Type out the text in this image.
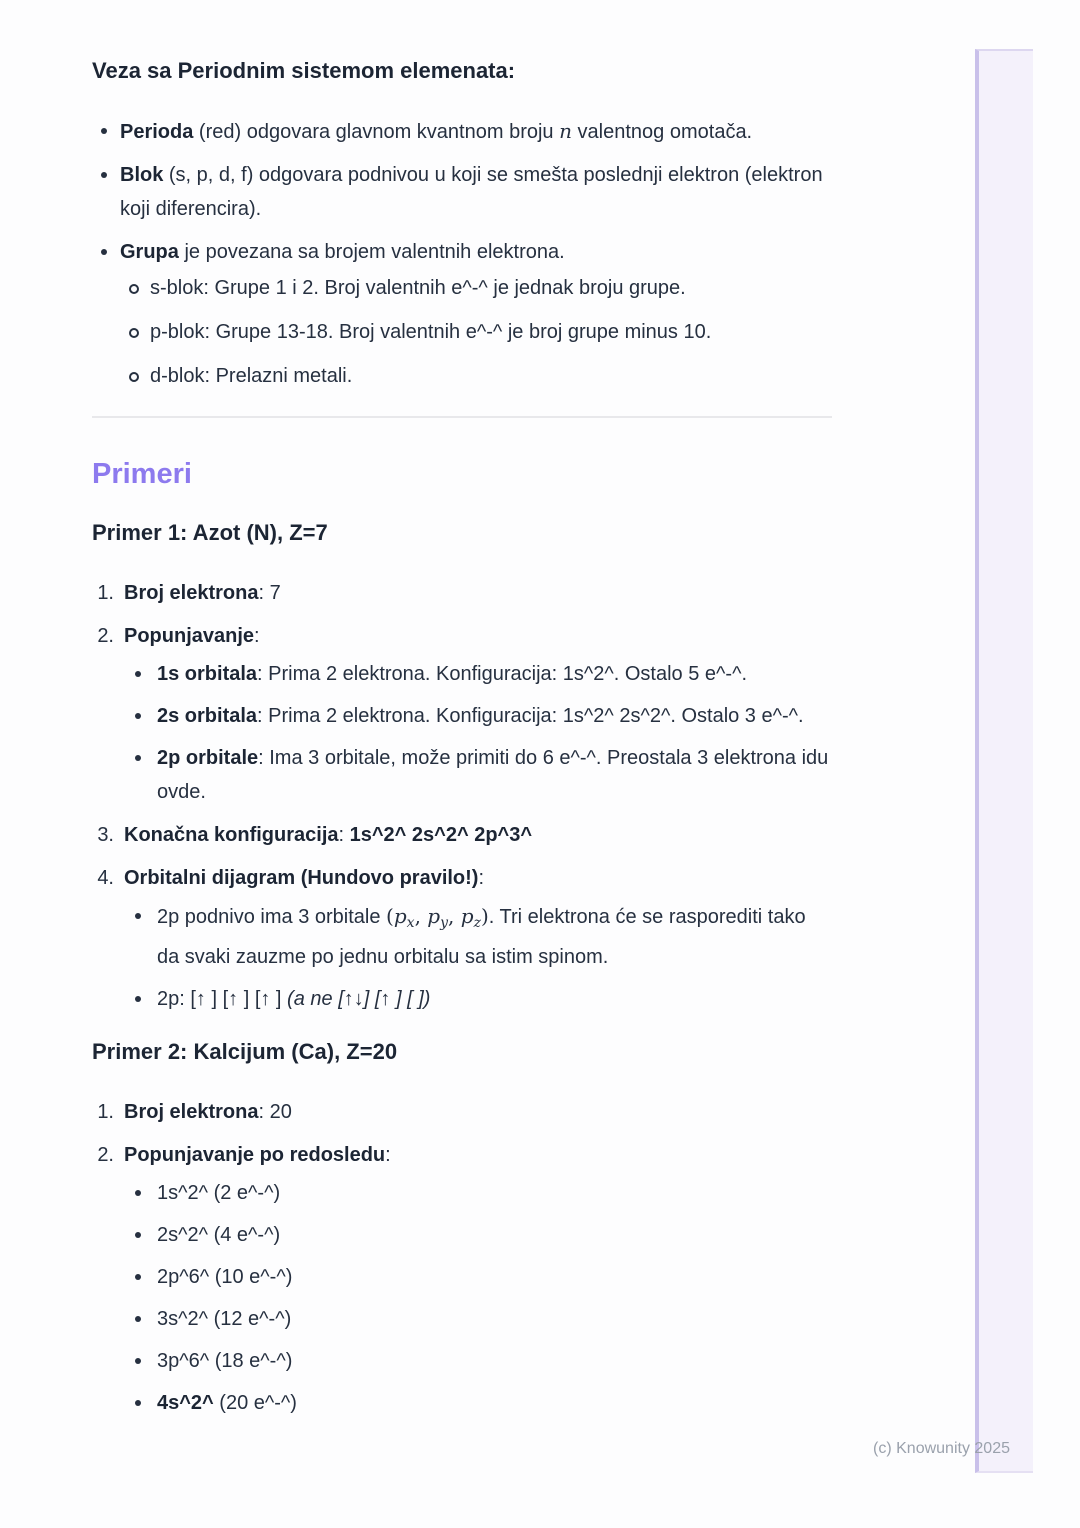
Veza sa Periodnim sistemom elemenata:
Perioda (red) odgovara glavnom kvantnom broju n valentnog omotača.
Blok (s, p, d, f) odgovara podnivou u koji se smešta poslednji elektron (elektron koji diferencira).
Grupa je povezana sa brojem valentnih elektrona.
s-blok: Grupe 1 i 2. Broj valentnih e^-^ je jednak broju grupe.
p-blok: Grupe 13-18. Broj valentnih e^-^ je broj grupe minus 10.
d-blok: Prelazni metali.
Primeri
Primer 1: Azot (N), Z=7
1. Broj elektrona: 7
2. Popunjavanje:
1s orbitala: Prima 2 elektrona. Konfiguracija: 1s^2^. Ostalo 5 e^-^.
2s orbitala: Prima 2 elektrona. Konfiguracija: 1s^2^ 2s^2^. Ostalo 3 e^-^.
2p orbitale: Ima 3 orbitale, može primiti do 6 e^-^. Preostala 3 elektrona idu ovde.
3. Konačna konfiguracija: 1s^2^ 2s^2^ 2p^3^
4. Orbitalni dijagram (Hundovo pravilo!):
2p podnivo ima 3 orbitale ($p_x$, $p_y$, $p_z$). Tri elektrona će se rasporediti tako da svaki zauzme po jednu orbitalu sa istim spinom.
2p: [↑ ] [↑ ] [↑ ] (a ne [↑↓] [↑ ] [ ])
Primer 2: Kalcijum (Ca), Z=20
1. Broj elektrona: 20
2. Popunjavanje po redosledu:
1s^2^ (2 e^-^)
2s^2^ (4 e^-^)
2p^6^ (10 e^-^)
3s^2^ (12 e^-^)
3p^6^ (18 e^-^)
4s^2^ (20 e^-^)
(c) Knowunity 2025
